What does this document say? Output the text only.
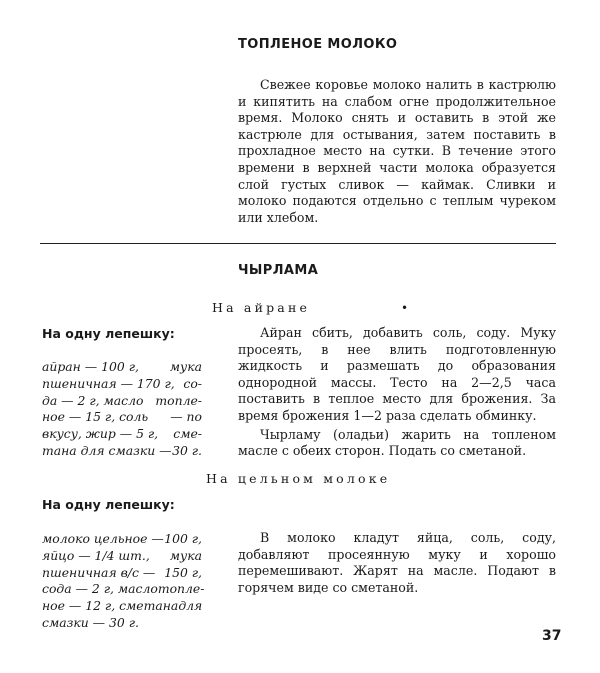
ТОПЛЕНОЕ МОЛОКО

Свежее коровье молоко налить в кастрюлю и кипятить на слабом огне продолжительное время. Молоко снять и оставить в этой же кастрюле для остывания, затем поставить в прохладное место на сутки. В течение этого времени в верхней части молока образуется слой густых сливок — каймак. Сливки и молоко подаются отдельно с теплым чуреком или хлебом.

ЧЫРЛАМА
На айране	•
На одну лепешку:
айран — 100 г, мука
пшеничная — 170 г, со-
да — 2 г, масло топле-
ное — 15 г, соль — по
вкусу, жир — 5 г, сме-
тана для смазки — 30 г.

Айран сбить, добавить соль, соду. Муку просеять, в нее влить подготовленную жидкость и размешать до образования однородной массы. Тесто на 2—2,5 часа поставить в теплое место для брожения. За время брожения 1—2 раза сделать обминку.

Чырламу (оладьи) жарить на топленом масле с обеих сторон. Подать со сметаной.

На цельном молоке
На одну лепешку:
молоко цельное — 100 г,
яйцо — 1/4 шт., мука
пшеничная в/с — 150 г,
сода — 2 г, масло топле-
ное — 12 г, сметана для
смазки — 30 г.

В молоко кладут яйца, соль, соду, добавляют просеянную муку и хорошо перемешивают. Жарят на масле. Подают в горячем виде со сметаной.

37
